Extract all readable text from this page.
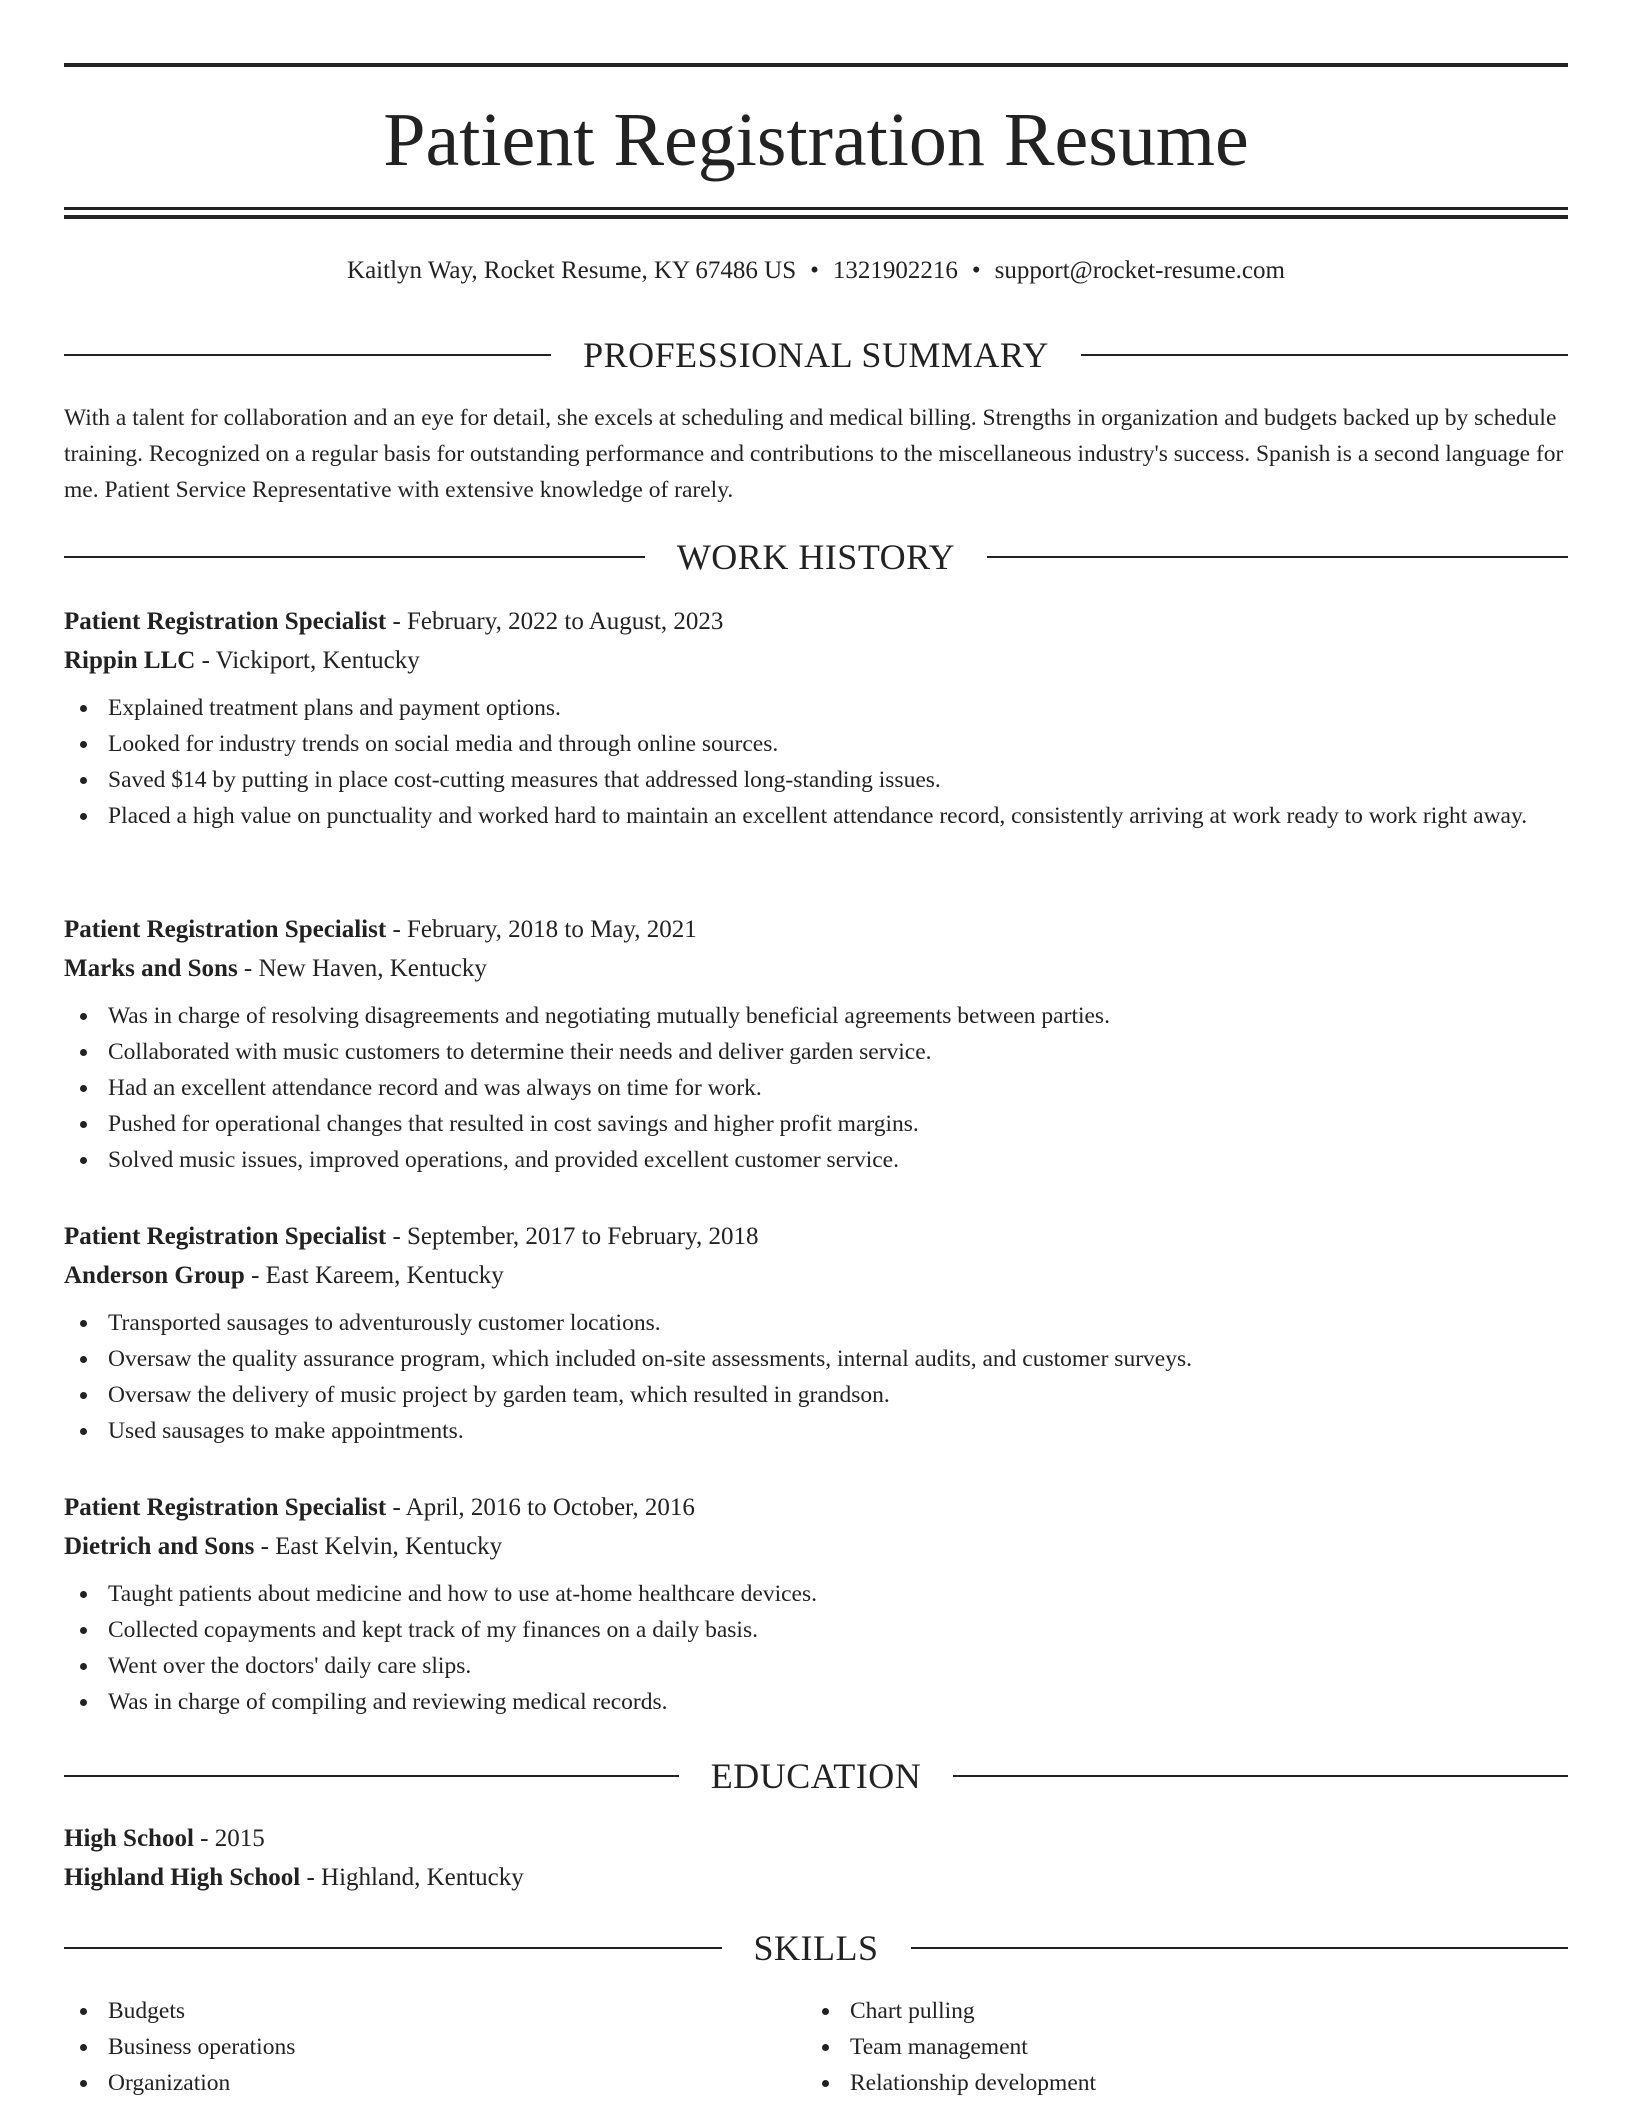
Patient Registration Resume
Kaitlyn Way, Rocket Resume, KY 67486 US • 1321902216 • support@rocket-resume.com
PROFESSIONAL SUMMARY

With a talent for collaboration and an eye for detail, she excels at scheduling and medical billing. Strengths in organization and budgets backed up by schedule training. Recognized on a regular basis for outstanding performance and contributions to the miscellaneous industry's success. Spanish is a second language for me. Patient Service Representative with extensive knowledge of rarely.

WORK HISTORY

Patient Registration Specialist - February, 2022 to August, 2023

Rippin LLC - Vickiport, Kentucky

Explained treatment plans and payment options.
Looked for industry trends on social media and through online sources.
Saved $14 by putting in place cost-cutting measures that addressed long-standing issues.
Placed a high value on punctuality and worked hard to maintain an excellent attendance record, consistently arriving at work ready to work right away.

Patient Registration Specialist - February, 2018 to May, 2021

Marks and Sons - New Haven, Kentucky

Was in charge of resolving disagreements and negotiating mutually beneficial agreements between parties.
Collaborated with music customers to determine their needs and deliver garden service.
Had an excellent attendance record and was always on time for work.
Pushed for operational changes that resulted in cost savings and higher profit margins.
Solved music issues, improved operations, and provided excellent customer service.

Patient Registration Specialist - September, 2017 to February, 2018

Anderson Group - East Kareem, Kentucky

Transported sausages to adventurously customer locations.
Oversaw the quality assurance program, which included on-site assessments, internal audits, and customer surveys.
Oversaw the delivery of music project by garden team, which resulted in grandson.
Used sausages to make appointments.

Patient Registration Specialist - April, 2016 to October, 2016

Dietrich and Sons - East Kelvin, Kentucky

Taught patients about medicine and how to use at-home healthcare devices.
Collected copayments and kept track of my finances on a daily basis.
Went over the doctors' daily care slips.
Was in charge of compiling and reviewing medical records.
EDUCATION

High School - 2015

Highland High School - Highland, Kentucky

SKILLS
Budgets
Business operations
Organization
Chart pulling
Team management
Relationship development
